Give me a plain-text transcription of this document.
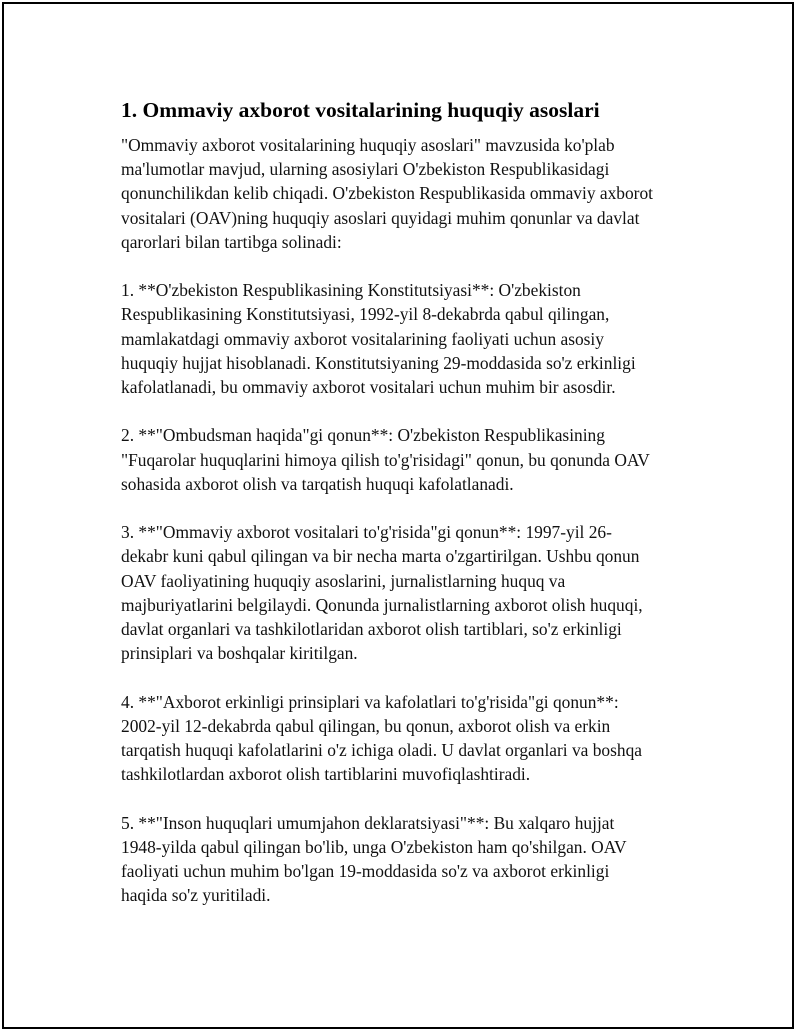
1. Ommaviy axborot vositalarining huquqiy asoslari

"Ommaviy axborot vositalarining huquqiy asoslari" mavzusida ko'plab
ma'lumotlar mavjud, ularning asosiylari O'zbekiston Respublikasidagi
qonunchilikdan kelib chiqadi. O'zbekiston Respublikasida ommaviy axborot
vositalari (OAV)ning huquqiy asoslari quyidagi muhim qonunlar va davlat
qarorlari bilan tartibga solinadi:

1. **O'zbekiston Respublikasining Konstitutsiyasi**: O'zbekiston
Respublikasining Konstitutsiyasi, 1992-yil 8-dekabrda qabul qilingan,
mamlakatdagi ommaviy axborot vositalarining faoliyati uchun asosiy
huquqiy hujjat hisoblanadi. Konstitutsiyaning 29-moddasida so'z erkinligi
kafolatlanadi, bu ommaviy axborot vositalari uchun muhim bir asosdir.

2. **"Ombudsman haqida"gi qonun**: O'zbekiston Respublikasining
"Fuqarolar huquqlarini himoya qilish to'g'risidagi" qonun, bu qonunda OAV
sohasida axborot olish va tarqatish huquqi kafolatlanadi.

3. **"Ommaviy axborot vositalari to'g'risida"gi qonun**: 1997-yil 26-
dekabr kuni qabul qilingan va bir necha marta o'zgartirilgan. Ushbu qonun
OAV faoliyatining huquqiy asoslarini, jurnalistlarning huquq va
majburiyatlarini belgilaydi. Qonunda jurnalistlarning axborot olish huquqi,
davlat organlari va tashkilotlaridan axborot olish tartiblari, so'z erkinligi
prinsiplari va boshqalar kiritilgan.

4. **"Axborot erkinligi prinsiplari va kafolatlari to'g'risida"gi qonun**:
2002-yil 12-dekabrda qabul qilingan, bu qonun, axborot olish va erkin
tarqatish huquqi kafolatlarini o'z ichiga oladi. U davlat organlari va boshqa
tashkilotlardan axborot olish tartiblarini muvofiqlashtiradi.

5. **"Inson huquqlari umumjahon deklaratsiyasi"**: Bu xalqaro hujjat
1948-yilda qabul qilingan bo'lib, unga O'zbekiston ham qo'shilgan. OAV
faoliyati uchun muhim bo'lgan 19-moddasida so'z va axborot erkinligi
haqida so'z yuritiladi.
